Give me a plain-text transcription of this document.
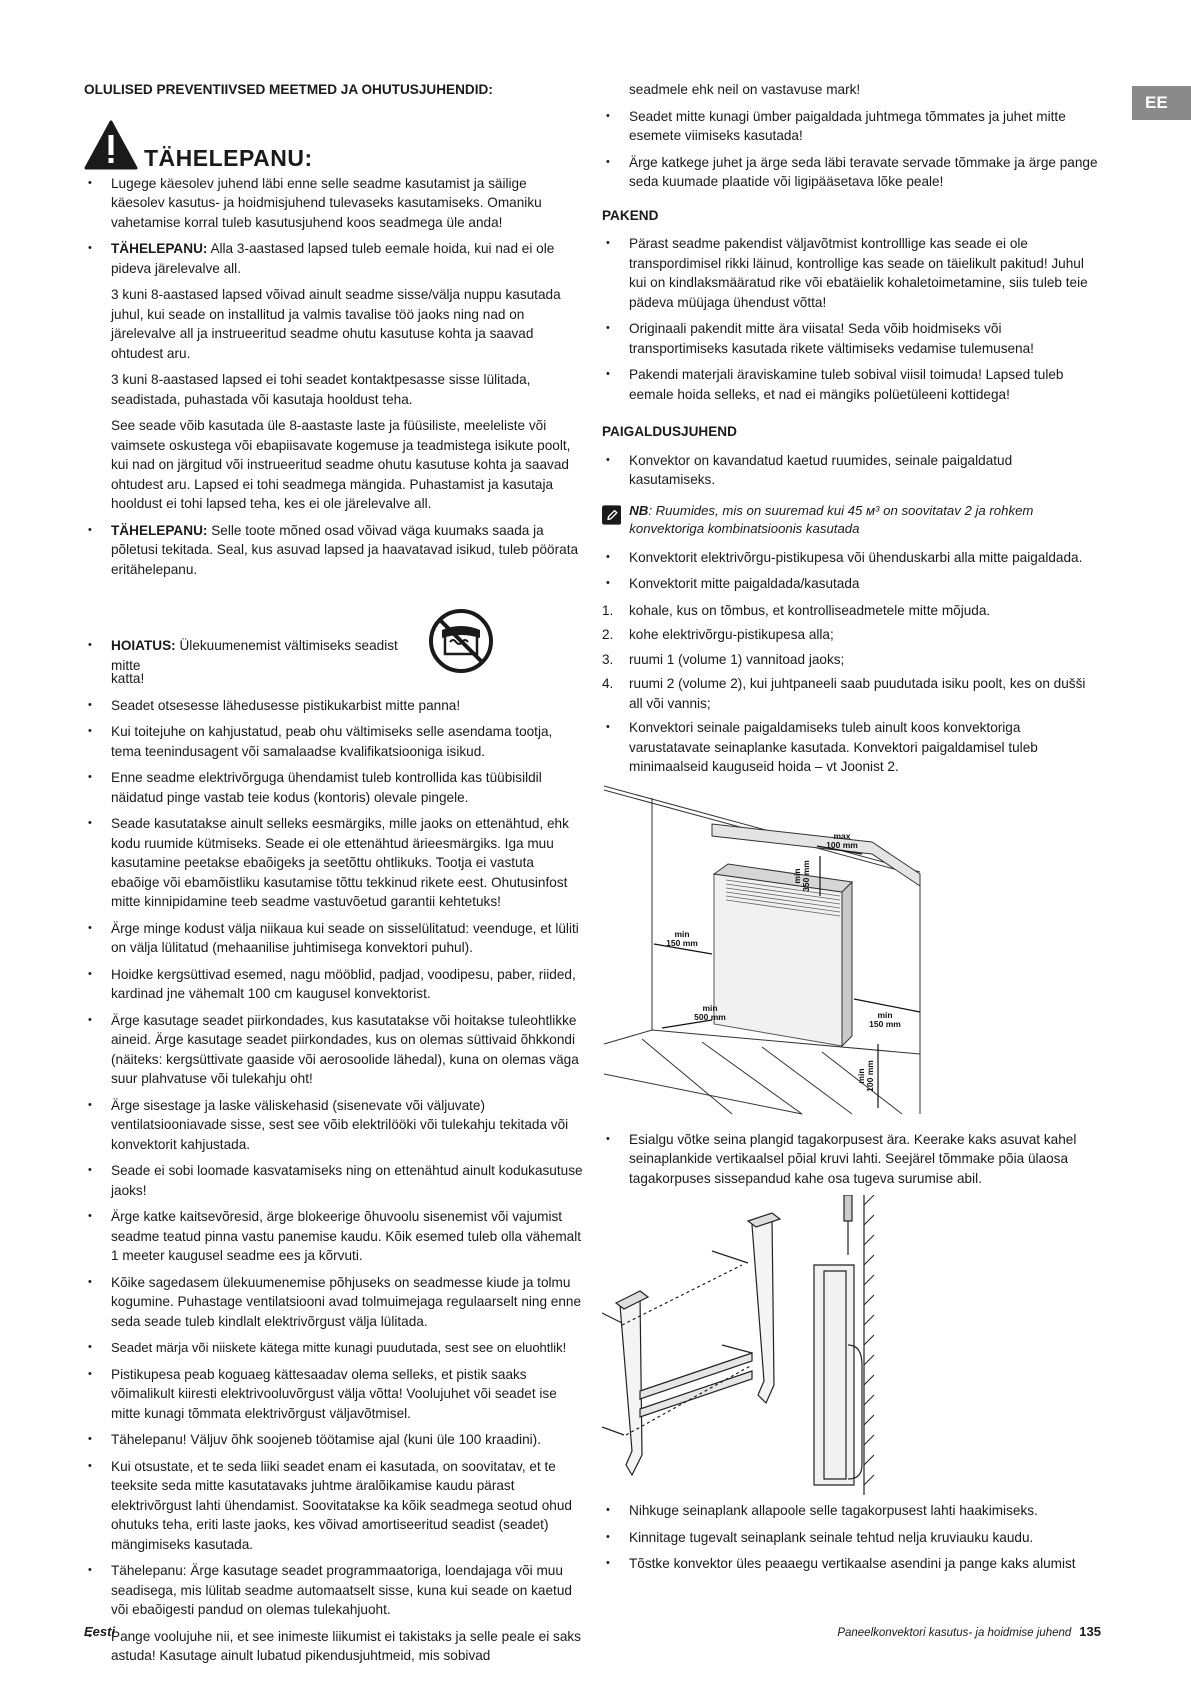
EE

OLULISED PREVENTIIVSED MEETMED JA OHUTUSJUHENDID:

TÄHELEPANU:
• Lugege käesolev juhend läbi enne selle seadme kasutamist ja säilige käesolev kasutus- ja hoidmisjuhend tulevaseks kasutamiseks. Omaniku vahetamise korral tuleb kasutusjuhend koos seadmega üle anda!
• TÄHELEPANU: Alla 3-aastased lapsed tuleb eemale hoida, kui nad ei ole pideva järelevalve all.

3 kuni 8-aastased lapsed võivad ainult seadme sisse/välja nuppu kasutada juhul, kui seade on installitud ja valmis tavalise töö jaoks ning nad on järelevalve all ja instrueeritud seadme ohutu kasutuse kohta ja saavad ohtudest aru.

3 kuni 8-aastased lapsed ei tohi seadet kontaktpesasse sisse lülitada, seadistada, puhastada või kasutaja hooldust teha.

See seade võib kasutada üle 8-aastaste laste ja füüsiliste, meeleliste või vaimsete oskustega või ebapiisavate kogemuse ja teadmistega isikute poolt, kui nad on järgitud või instrueeritud seadme ohutu kasutuse kohta ja saavad ohtudest aru. Lapsed ei tohi seadmega mängida. Puhastamist ja kasutaja hooldust ei tohi lapsed teha, kes ei ole järelevalve all.

• TÄHELEPANU: Selle toote mõned osad võivad väga kuumaks saada ja põletusi tekitada. Seal, kus asuvad lapsed ja haavatavad isikud, tuleb pöörata eritähelepanu.
• HOIATUS: Ülekuumenemist vältimiseks seadist mitte

katta!

• Seadet otsesesse lähedusesse pistikukarbist mitte panna!
• Kui toitejuhe on kahjustatud, peab ohu vältimiseks selle asendama tootja, tema teenindusagent või samalaadse kvalifikatsiooniga isikud.
• Enne seadme elektrivõrguga ühendamist tuleb kontrollida kas tüübisildil näidatud pinge vastab teie kodus (kontoris) olevale pingele.
• Seade kasutatakse ainult selleks eesmärgiks, mille jaoks on ettenähtud, ehk kodu ruumide kütmiseks. Seade ei ole ettenähtud ärieesmärgiks. Iga muu kasutamine peetakse ebaõigeks ja seetõttu ohtlikuks. Tootja ei vastuta ebaõige või ebamõistliku kasutamise tõttu tekkinud rikete eest. Ohutusinfost mitte kinnipidamine teeb seadme vastuvõetud garantii kehtetuks!
• Ärge minge kodust välja niikaua kui seade on sisselülitatud: veenduge, et lüliti on välja lülitatud (mehaanilise juhtimisega konvektori puhul).
• Hoidke kergsüttivad esemed, nagu mööblid, padjad, voodipesu, paber, riided, kardinad jne vähemalt 100 cm kaugusel konvektorist.
• Ärge kasutage seadet piirkondades, kus kasutatakse või hoitakse tuleohtlikke aineid. Ärge kasutage seadet piirkondades, kus on olemas süttivaid õhkkondi (näiteks: kergsüttivate gaaside või aerosoolide lähedal), kuna on olemas väga suur plahvatuse või tulekahju oht!
• Ärge sisestage ja laske väliskehasid (sisenevate või väljuvate) ventilatsiooniavade sisse, sest see võib elektrilööki või tulekahju tekitada või konvektorit kahjustada.
• Seade ei sobi loomade kasvatamiseks ning on ettenähtud ainult kodukasutuse jaoks!
• Ärge katke kaitsevõresid, ärge blokeerige õhuvoolu sisenemist või vajumist seadme teatud pinna vastu panemise kaudu. Kõik esemed tuleb olla vähemalt 1 meeter kaugusel seadme ees ja kõrvuti.
• Kõike sagedasem ülekuumenemise põhjuseks on seadmesse kiude ja tolmu kogumine. Puhastage ventilatsiooni avad tolmuimejaga regulaarselt ning enne seda seade tuleb kindlalt elektrivõrgust välja lülitada.
• Seadet märja või niiskete kätega mitte kunagi puudutada, sest see on eluohtlik!
• Pistikupesa peab koguaeg kättesaadav olema selleks, et pistik saaks võimalikult kiiresti elektrivooluvõrgust välja võtta! Voolujuhet või seadet ise mitte kunagi tõmmata elektrivõrgust väljavõtmisel.
• Tähelepanu! Väljuv õhk soojeneb töötamise ajal (kuni üle 100 kraadini).
• Kui otsustate, et te seda liiki seadet enam ei kasutada, on soovitatav, et te teeksite seda mitte kasutatavaks juhtme äralõikamise kaudu pärast elektrivõrgust lahti ühendamist. Soovitatakse ka kõik seadmega seotud ohud ohutuks teha, eriti laste jaoks, kes võivad amortiseeritud seadist (seadet) mängimiseks kasutada.
• Tähelepanu: Ärge kasutage seadet programmaatoriga, loendajaga või muu seadisega, mis lülitab seadme automaatselt sisse, kuna kui seade on kaetud või ebaõigesti pandud on olemas tulekahjuoht.
• Pange voolujuhe nii, et see inimeste liikumist ei takistaks ja selle peale ei saks astuda! Kasutage ainult lubatud pikendusjuhtmeid, mis sobivad

seadmele ehk neil on vastavuse mark!

• Seadet mitte kunagi ümber paigaldada juhtmega tõmmates ja juhet mitte esemete viimiseks kasutada!
• Ärge katkege juhet ja ärge seda läbi teravate servade tõmmake ja ärge pange seda kuumade plaatide või ligipääsetava lõke peale!
PAKEND
• Pärast seadme pakendist väljavõtmist kontrolllige kas seade ei ole transpordimisel rikki läinud, kontrollige kas seade on täielikult pakitud! Juhul kui on kindlaksmääratud rike või ebatäielik kohaletoimetamine, siis tuleb teie pädeva müüjaga ühendust võtta!
• Originaali pakendit mitte ära viisata! Seda võib hoidmiseks või transportimiseks kasutada rikete vältimiseks vedamise tulemusena!
• Pakendi materjali äraviskamine tuleb sobival viisil toimuda! Lapsed tuleb eemale hoida selleks, et nad ei mängiks polüetüleeni kottidega!
PAIGALDUSJUHEND
• Konvektor on kavandatud kaetud ruumides, seinale paigaldatud kasutamiseks.
NB: Ruumides, mis on suuremad kui 45 м³ on soovitatav 2 ja rohkem konvektoriga kombinatsioonis kasutada
• Konvektorit elektrivõrgu-pistikupesa või ühenduskarbi alla mitte paigaldada.
• Konvektorit mitte paigaldada/kasutada
1. kohale, kus on tõmbus, et kontrolliseadmetele mitte mõjuda.
2. kohe elektrivõrgu-pistikupesa alla;
3. ruumi 1 (volume 1) vannitoad jaoks;
4. ruumi 2 (volume 2), kui juhtpaneeli saab puudutada isiku poolt, kes on dušši all või vannis;
• Konvektori seinale paigaldamiseks tuleb ainult koos konvektoriga varustatavate seinaplanke kasutada. Konvektori paigaldamisel tuleb minimaalseid kauguseid hoida – vt Joonist 2.
max
100 mm
min 350 mm
min
150 mm
min
500 mm	min
150 mm
min 100 mm
• Esialgu võtke seina plangid tagakorpusest ära. Keerake kaks asuvat kahel seinaplankide vertikaalsel põial kruvi lahti. Seejärel tõmmake põia ülaosa tagakorpuses sissepandud kahe osa tugeva surumise abil.
• Nihkuge seinaplank allapoole selle tagakorpusest lahti haakimiseks.
• Kinnitage tugevalt seinaplank seinale tehtud nelja kruviauku kaudu.
• Tõstke konvektor üles peaaegu vertikaalse asendini ja pange kaks alumist
Eesti	Paneelkonvektori kasutus- ja hoidmise juhend 135
